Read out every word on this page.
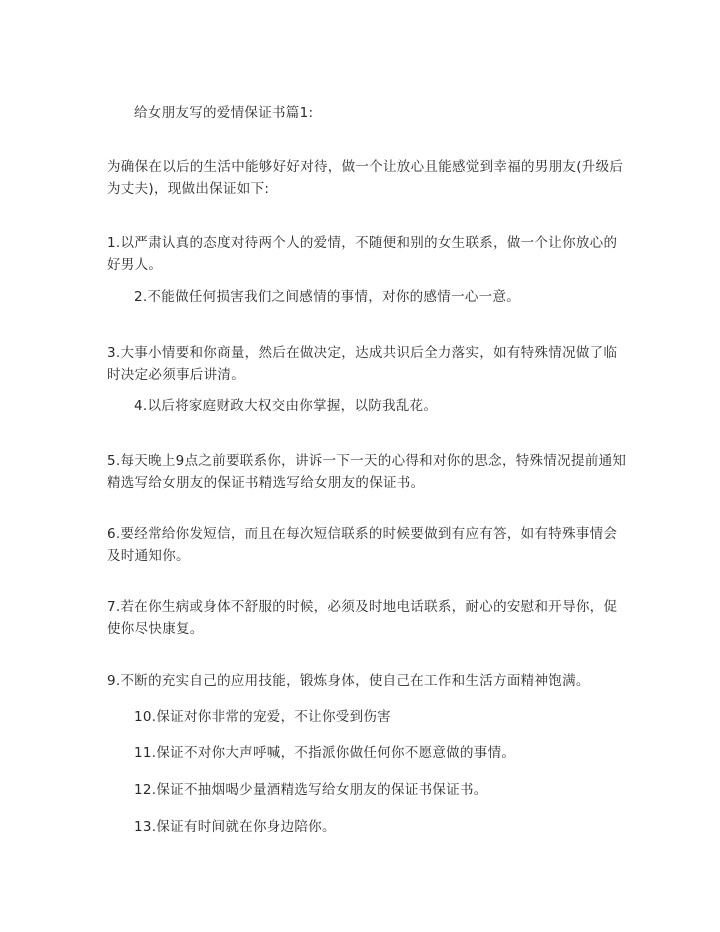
给女朋友写的爱情保证书篇1:
为确保在以后的生活中能够好好对待，做一个让放心且能感觉到幸福的男朋友(升级后为丈夫)，现做出保证如下:
1.以严肃认真的态度对待两个人的爱情，不随便和别的女生联系，做一个让你放心的好男人。
2.不能做任何损害我们之间感情的事情，对你的感情一心一意。
3.大事小情要和你商量，然后在做决定，达成共识后全力落实，如有特殊情况做了临时决定必须事后讲清。
4.以后将家庭财政大权交由你掌握，以防我乱花。
5.每天晚上9点之前要联系你，讲诉一下一天的心得和对你的思念，特殊情况提前通知精选写给女朋友的保证书精选写给女朋友的保证书。
6.要经常给你发短信，而且在每次短信联系的时候要做到有应有答，如有特殊事情会及时通知你。
7.若在你生病或身体不舒服的时候，必须及时地电话联系，耐心的安慰和开导你，促使你尽快康复。
9.不断的充实自己的应用技能，锻炼身体，使自己在工作和生活方面精神饱满。
10.保证对你非常的宠爱，不让你受到伤害
11.保证不对你大声呼喊，不指派你做任何你不愿意做的事情。
12.保证不抽烟喝少量酒精选写给女朋友的保证书保证书。
13.保证有时间就在你身边陪你。
